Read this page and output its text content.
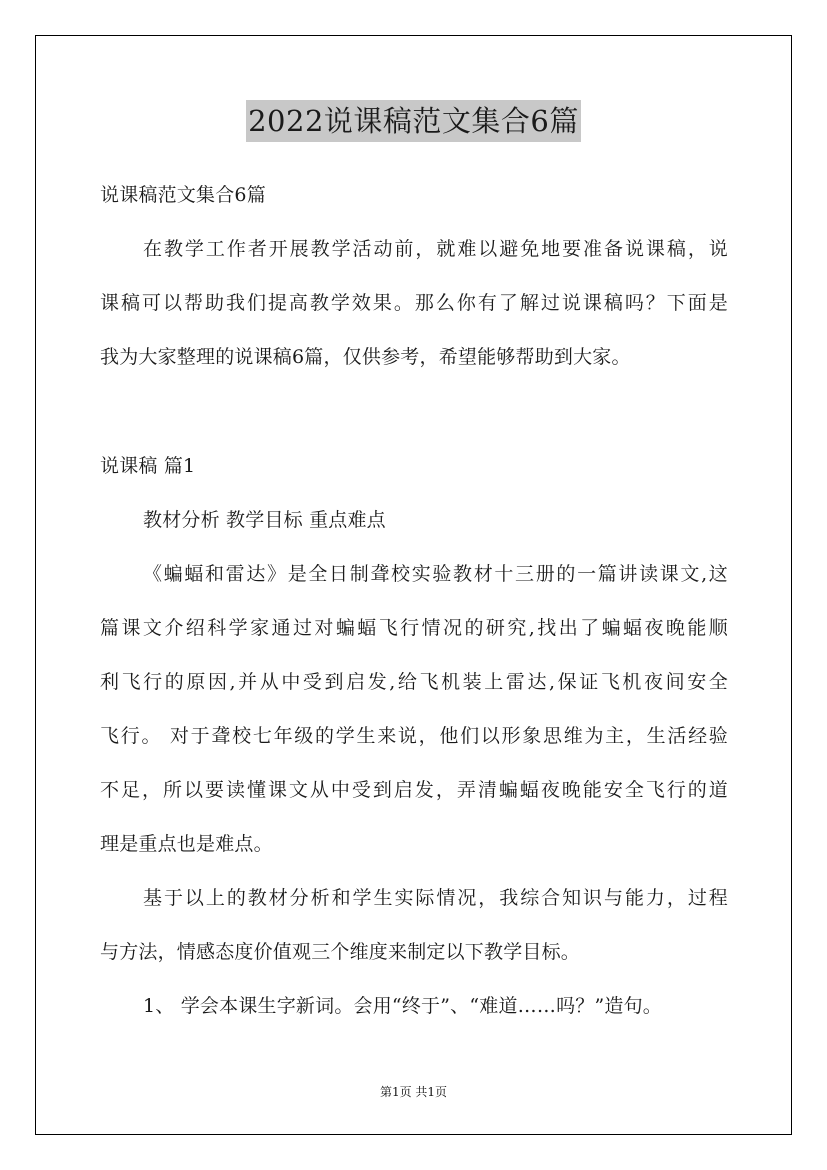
2022说课稿范文集合6篇

说课稿范文集合6篇

在教学工作者开展教学活动前，就难以避免地要准备说课稿，说

课稿可以帮助我们提高教学效果。那么你有了解过说课稿吗？下面是

我为大家整理的说课稿6篇，仅供参考，希望能够帮助到大家。

说课稿 篇1

教材分析 教学目标 重点难点

《蝙蝠和雷达》是全日制聋校实验教材十三册的一篇讲读课文,这

篇课文介绍科学家通过对蝙蝠飞行情况的研究,找出了蝙蝠夜晚能顺

利飞行的原因,并从中受到启发,给飞机装上雷达,保证飞机夜间安全

飞行。 对于聋校七年级的学生来说，他们以形象思维为主，生活经验

不足，所以要读懂课文从中受到启发，弄清蝙蝠夜晚能安全飞行的道

理是重点也是难点。

基于以上的教材分析和学生实际情况，我综合知识与能力，过程

与方法，情感态度价值观三个维度来制定以下教学目标。

1、 学会本课生字新词。会用“终于”、“难道……吗？”造句。

第1页 共1页
